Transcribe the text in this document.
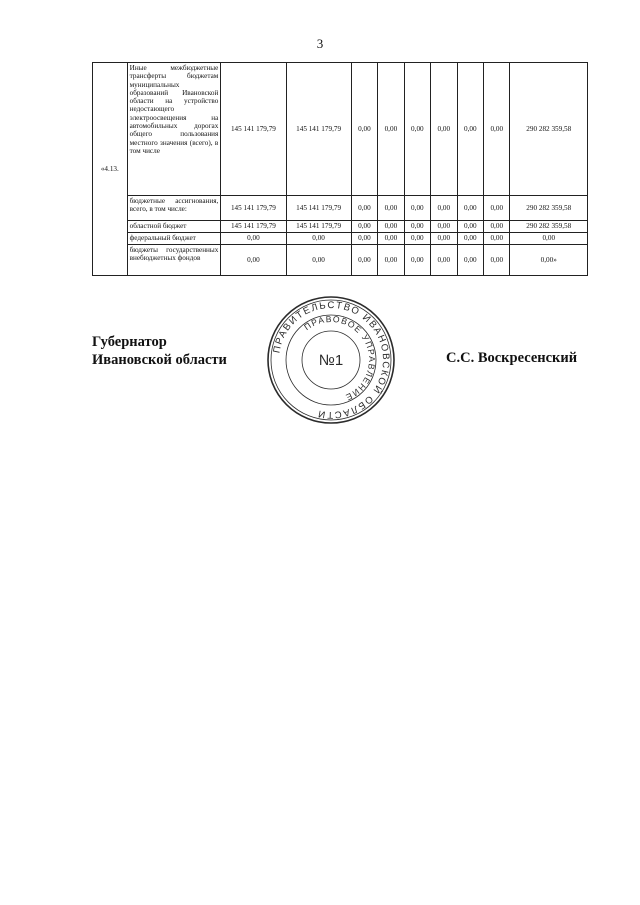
3
«4.13.	Иные межбюджетные трансферты бюджетам муниципальных образований Ивановской области на устройство недостающего электроосвещения на автомобильных дорогах общего пользования местного значения (всего), в том числе	145 141 179,79	145 141 179,79	0,00	0,00	0,00	0,00	0,00	0,00	290 282 359,58
	бюджетные ассигнования, всего, в том числе:	145 141 179,79	145 141 179,79	0,00	0,00	0,00	0,00	0,00	0,00	290 282 359,58
	областной бюджет	145 141 179,79	145 141 179,79	0,00	0,00	0,00	0,00	0,00	0,00	290 282 359,58
	федеральный бюджет	0,00	0,00	0,00	0,00	0,00	0,00	0,00	0,00	0,00
	бюджеты государственных внебюджетных фондов	0,00	0,00	0,00	0,00	0,00	0,00	0,00	0,00	0,00»
Губернатор
Ивановской области
ПРАВИТЕЛЬСТВО ИВАНОВСКОЙ ОБЛАСТИ
ПРАВОВОЕ УПРАВЛЕНИЕ
№1	С.С. Воскресенский
